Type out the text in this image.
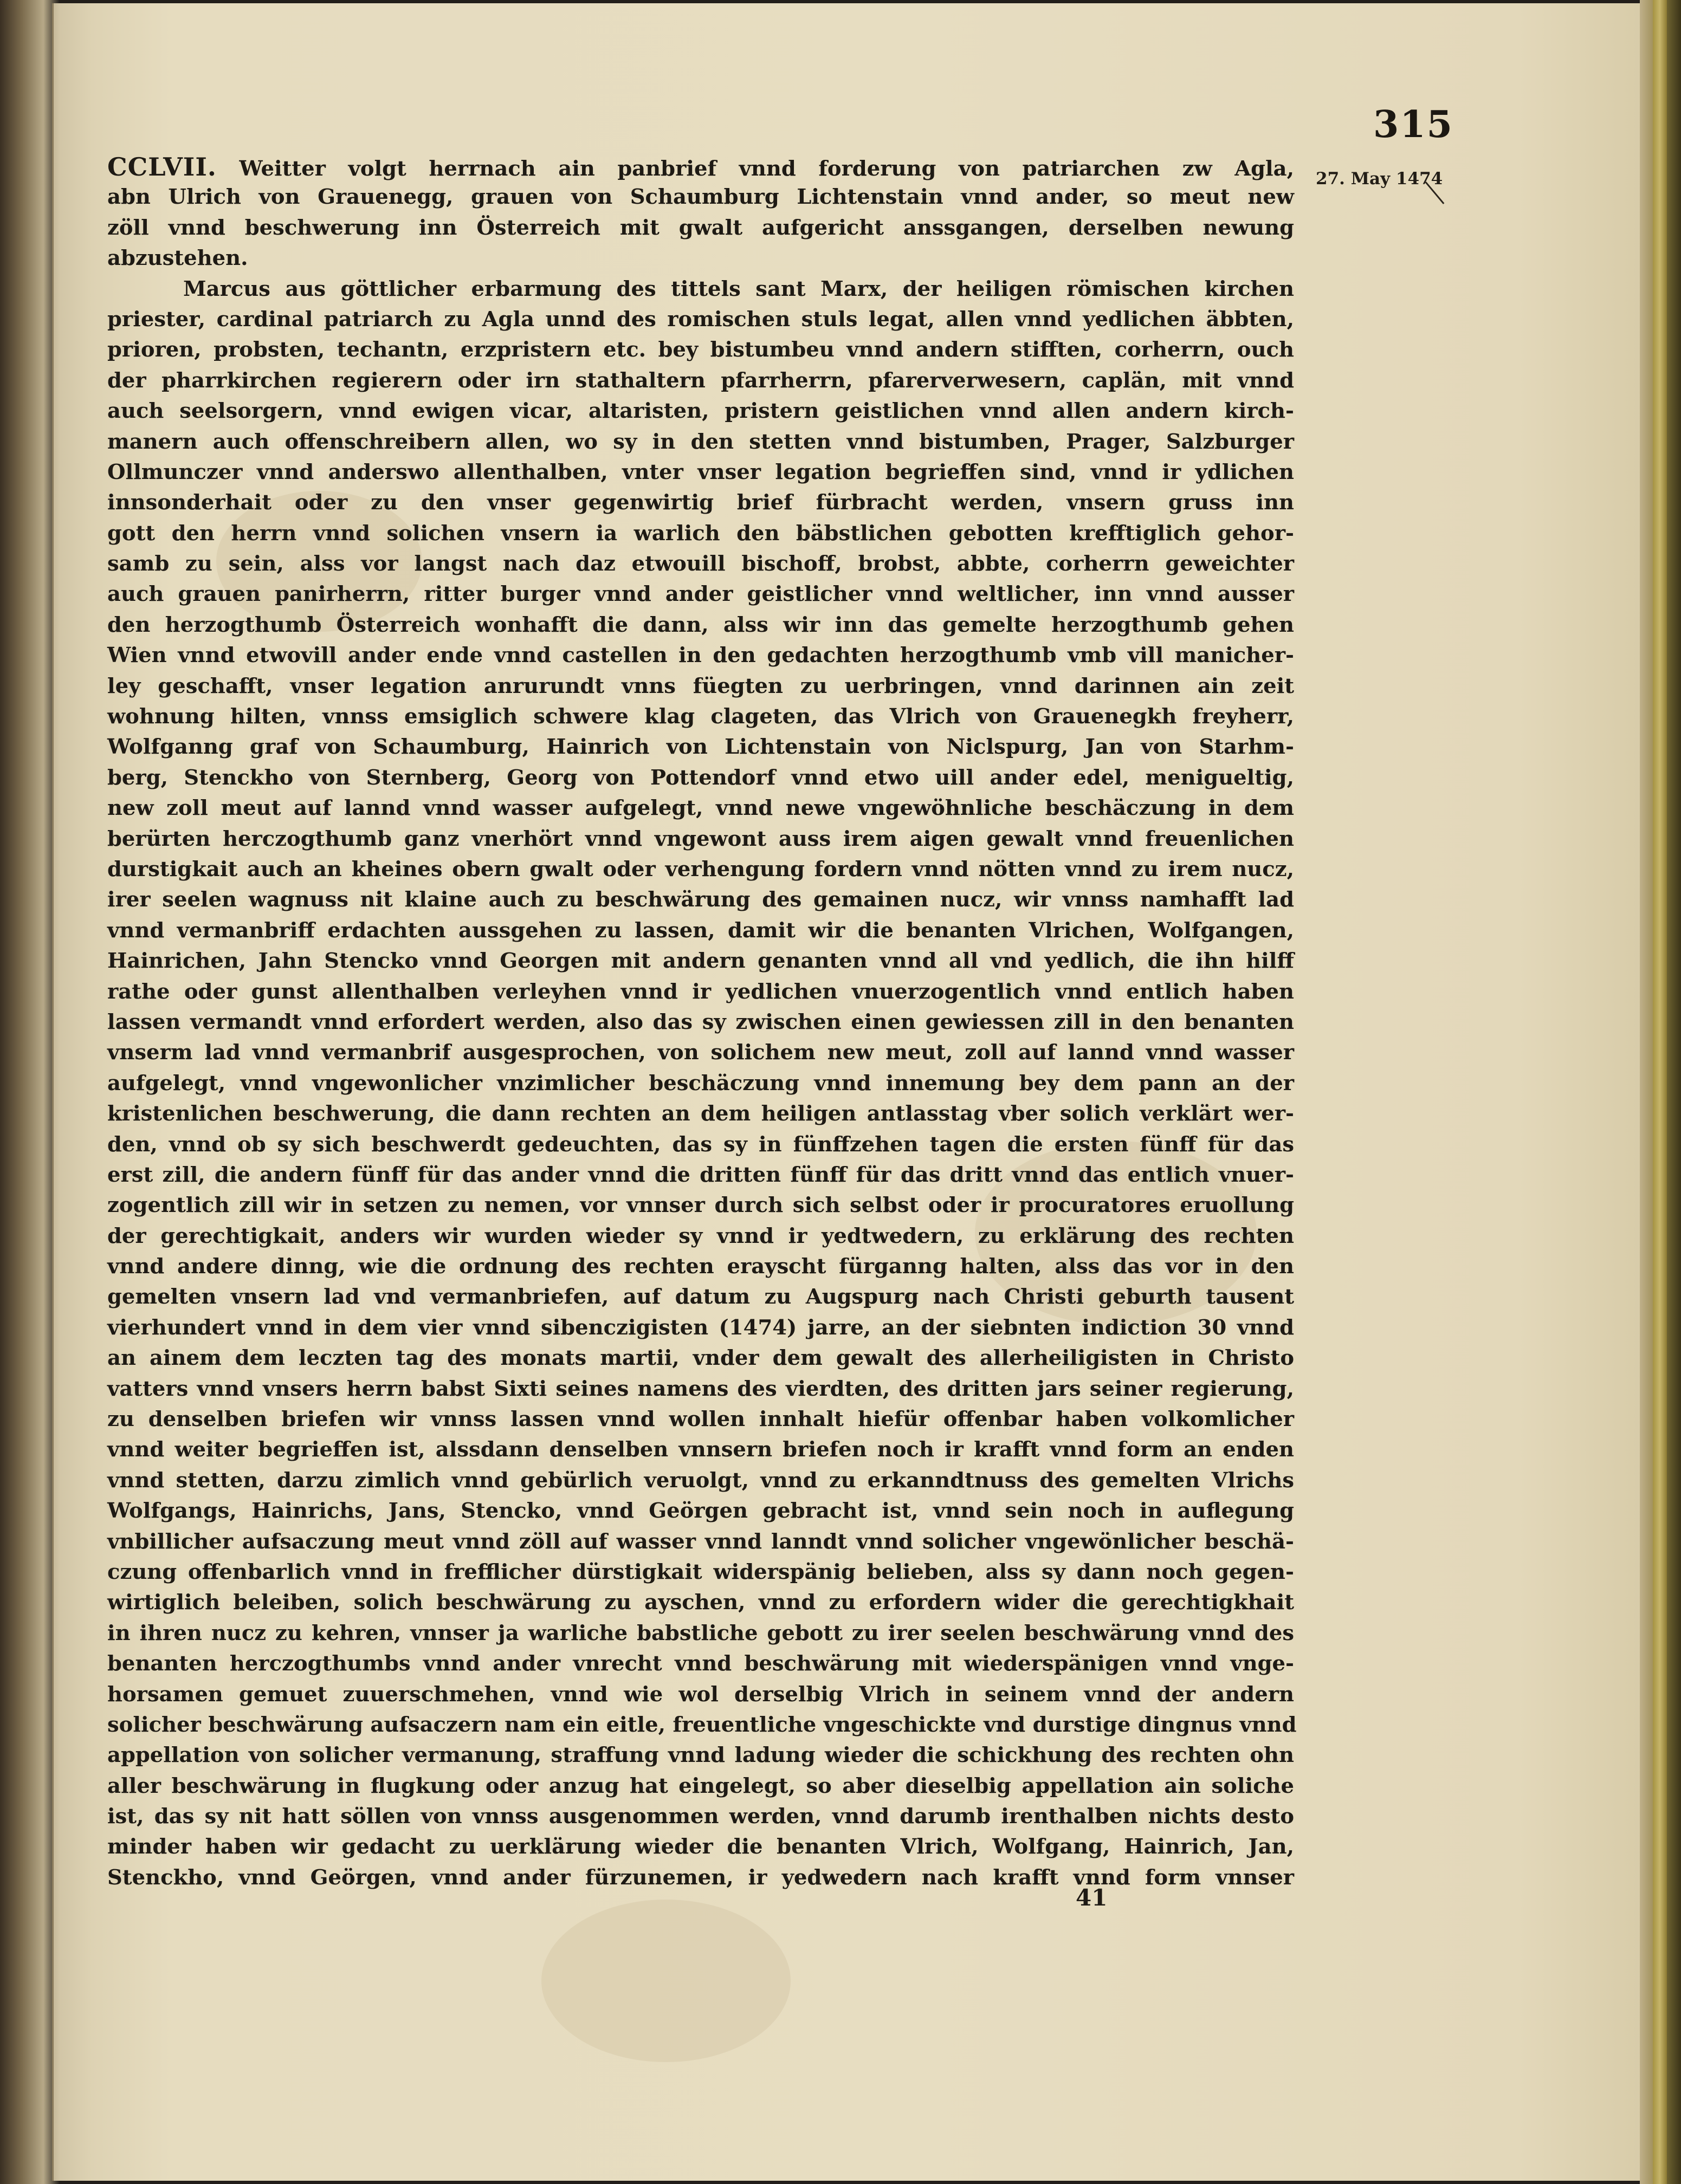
315
27. May 1474
CCLVII. Weitter volgt herrnach ain panbrief vnnd forderung von patriarchen zw Agla,
abn Ulrich von Grauenegg, grauen von Schaumburg Lichtenstain vnnd ander, so meut new
zöll vnnd beschwerung inn Österreich mit gwalt aufgericht anssgangen, derselben newung
abzustehen.
Marcus aus göttlicher erbarmung des tittels sant Marx, der heiligen römischen kirchen
priester, cardinal patriarch zu Agla unnd des romischen stuls legat, allen vnnd yedlichen äbbten,
prioren, probsten, techantn, erzpristern etc. bey bistumbeu vnnd andern stifften, corherrn, ouch
der pharrkirchen regierern oder irn stathaltern pfarrherrn, pfarerverwesern, caplän, mit vnnd
auch seelsorgern, vnnd ewigen vicar, altaristen, pristern geistlichen vnnd allen andern kirch-
manern auch offenschreibern allen, wo sy in den stetten vnnd bistumben, Prager, Salzburger
Ollmunczer vnnd anderswo allenthalben, vnter vnser legation begrieffen sind, vnnd ir ydlichen
innsonderhait oder zu den vnser gegenwirtig brief fürbracht werden, vnsern gruss inn
gott den herrn vnnd solichen vnsern ia warlich den bäbstlichen gebotten krefftiglich gehor-
samb zu sein, alss vor langst nach daz etwouill bischoff, brobst, abbte, corherrn geweichter
auch grauen panirherrn, ritter burger vnnd ander geistlicher vnnd weltlicher, inn vnnd ausser
den herzogthumb Österreich wonhafft die dann, alss wir inn das gemelte herzogthumb gehen
Wien vnnd etwovill ander ende vnnd castellen in den gedachten herzogthumb vmb vill manicher-
ley geschafft, vnser legation anrurundt vnns füegten zu uerbringen, vnnd darinnen ain zeit
wohnung hilten, vnnss emsiglich schwere klag clageten, das Vlrich von Grauenegkh freyherr,
Wolfganng graf von Schaumburg, Hainrich von Lichtenstain von Niclspurg, Jan von Starhm-
berg, Stenckho von Sternberg, Georg von Pottendorf vnnd etwo uill ander edel, menigueltig,
new zoll meut auf lannd vnnd wasser aufgelegt, vnnd newe vngewöhnliche beschäczung in dem
berürten herczogthumb ganz vnerhört vnnd vngewont auss irem aigen gewalt vnnd freuenlichen
durstigkait auch an kheines obern gwalt oder verhengung fordern vnnd nötten vnnd zu irem nucz,
irer seelen wagnuss nit klaine auch zu beschwärung des gemainen nucz, wir vnnss namhafft lad
vnnd vermanbriff erdachten aussgehen zu lassen, damit wir die benanten Vlrichen, Wolfgangen,
Hainrichen, Jahn Stencko vnnd Georgen mit andern genanten vnnd all vnd yedlich, die ihn hilff
rathe oder gunst allenthalben verleyhen vnnd ir yedlichen vnuerzogentlich vnnd entlich haben
lassen vermandt vnnd erfordert werden, also das sy zwischen einen gewiessen zill in den benanten
vnserm lad vnnd vermanbrif ausgesprochen, von solichem new meut, zoll auf lannd vnnd wasser
aufgelegt, vnnd vngewonlicher vnzimlicher beschäczung vnnd innemung bey dem pann an der
kristenlichen beschwerung, die dann rechten an dem heiligen antlasstag vber solich verklärt wer-
den, vnnd ob sy sich beschwerdt gedeuchten, das sy in fünffzehen tagen die ersten fünff für das
erst zill, die andern fünff für das ander vnnd die dritten fünff für das dritt vnnd das entlich vnuer-
zogentlich zill wir in setzen zu nemen, vor vnnser durch sich selbst oder ir procuratores eruollung
der gerechtigkait, anders wir wurden wieder sy vnnd ir yedtwedern, zu erklärung des rechten
vnnd andere dinng, wie die ordnung des rechten erayscht fürganng halten, alss das vor in den
gemelten vnsern lad vnd vermanbriefen, auf datum zu Augspurg nach Christi geburth tausent
vierhundert vnnd in dem vier vnnd sibenczigisten (1474) jarre, an der siebnten indiction 30 vnnd
an ainem dem leczten tag des monats martii, vnder dem gewalt des allerheiligisten in Christo
vatters vnnd vnsers herrn babst Sixti seines namens des vierdten, des dritten jars seiner regierung,
zu denselben briefen wir vnnss lassen vnnd wollen innhalt hiefür offenbar haben volkomlicher
vnnd weiter begrieffen ist, alssdann denselben vnnsern briefen noch ir krafft vnnd form an enden
vnnd stetten, darzu zimlich vnnd gebürlich veruolgt, vnnd zu erkanndtnuss des gemelten Vlrichs
Wolfgangs, Hainrichs, Jans, Stencko, vnnd Geörgen gebracht ist, vnnd sein noch in auflegung
vnbillicher aufsaczung meut vnnd zöll auf wasser vnnd lanndt vnnd solicher vngewönlicher beschä-
czung offenbarlich vnnd in frefflicher dürstigkait widerspänig belieben, alss sy dann noch gegen-
wirtiglich beleiben, solich beschwärung zu ayschen, vnnd zu erfordern wider die gerechtigkhait
in ihren nucz zu kehren, vnnser ja warliche babstliche gebott zu irer seelen beschwärung vnnd des
benanten herczogthumbs vnnd ander vnrecht vnnd beschwärung mit wiederspänigen vnnd vnge-
horsamen gemuet zuuerschmehen, vnnd wie wol derselbig Vlrich in seinem vnnd der andern
solicher beschwärung aufsaczern nam ein eitle, freuentliche vngeschickte vnd durstige dingnus vnnd
appellation von solicher vermanung, straffung vnnd ladung wieder die schickhung des rechten ohn
aller beschwärung in flugkung oder anzug hat eingelegt, so aber dieselbig appellation ain soliche
ist, das sy nit hatt söllen von vnnss ausgenommen werden, vnnd darumb irenthalben nichts desto
minder haben wir gedacht zu uerklärung wieder die benanten Vlrich, Wolfgang, Hainrich, Jan,
Stenckho, vnnd Geörgen, vnnd ander fürzunemen, ir yedwedern nach krafft vnnd form vnnser
41
